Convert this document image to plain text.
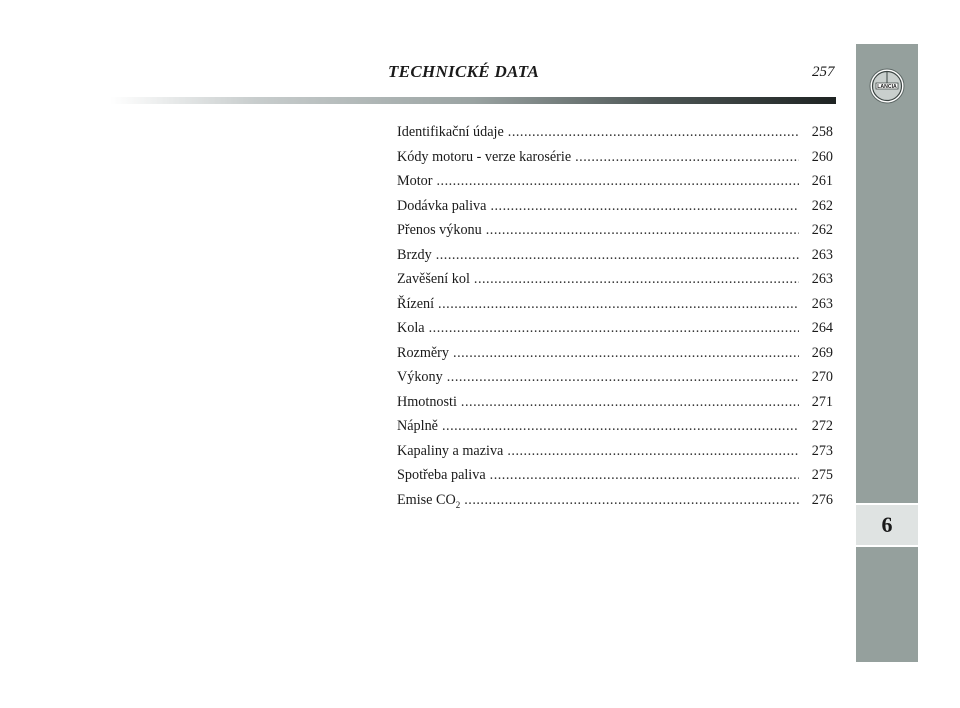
TECHNICKÉ DATA	257
LANCIA
6
Identifikační údaje .....	258
Kódy motoru - verze karosérie .....	260
Motor .....	261
Dodávka paliva .....	262
Přenos výkonu .....	262
Brzdy .....	263
Zavěšení kol .....	263
Řízení .....	263
Kola .....	264
Rozměry .....	269
Výkony .....	270
Hmotnosti .....	271
Náplně .....	272
Kapaliny a maziva .....	273
Spotřeba paliva .....	275
Emise $CO_2$ .....	276
